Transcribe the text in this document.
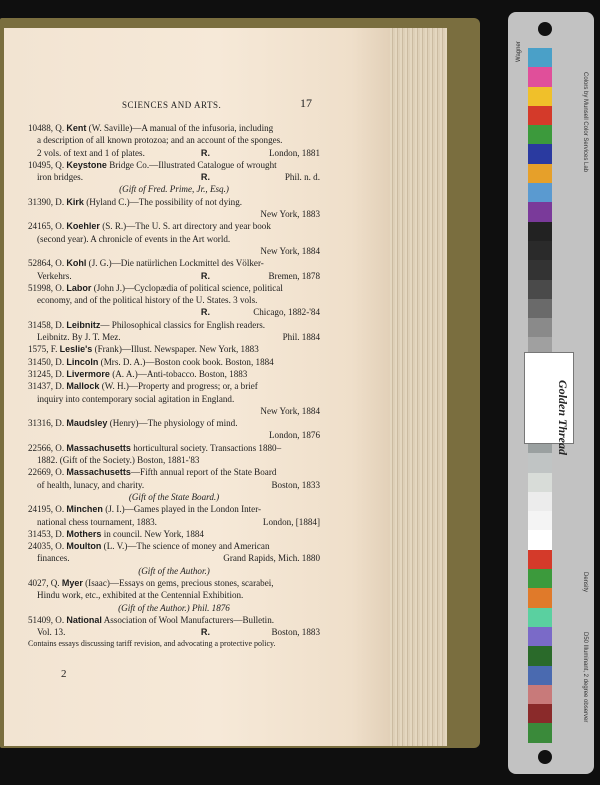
SCIENCES AND ARTS.	17
10488, Q. Kent (W. Saville)—A manual of the infusoria, including
a description of all known protozoa; and an account of the sponges.
2 vols. of text and 1 of plates.	R.	London, 1881
10495, Q. Keystone Bridge Co.—Illustrated Catalogue of wrought
iron bridges.	R.	Phil. n. d.
(Gift of Fred. Prime, Jr., Esq.)
31390, D. Kirk (Hyland C.)—The possibility of not dying.
New York, 1883
24165, O. Koehler (S. R.)—The U. S. art directory and year book
(second year). A chronicle of events in the Art world.
New York, 1884
52864, O. Kohl (J. G.)—Die natürlichen Lockmittel des Völker-
Verkehrs.	R.	Bremen, 1878
51998, O. Labor (John J.)—Cyclopædia of political science, political
economy, and of the political history of the U. States. 3 vols.
R.	Chicago, 1882-'84
31458, D. Leibnitz— Philosophical classics for English readers.
Leibnitz. By J. T. Mez.	Phil. 1884
1575, F. Leslie's (Frank)—Illust. Newspaper. New York, 1883
31450, D. Lincoln (Mrs. D. A.)—Boston cook book. Boston, 1884
31245, D. Livermore (A. A.)—Anti-tobacco. Boston, 1883
31437, D. Mallock (W. H.)—Property and progress; or, a brief
inquiry into contemporary social agitation in England.
New York, 1884
31316, D. Maudsley (Henry)—The physiology of mind.
London, 1876
22566, O. Massachusetts horticultural society. Transactions 1880–
1882. (Gift of the Society.) Boston, 1881-'83
22669, O. Massachusetts—Fifth annual report of the State Board
of health, lunacy, and charity.	Boston, 1833
(Gift of the State Board.)
24195, O. Minchen (J. I.)—Games played in the London Inter-
national chess tournament, 1883.	London, [1884]
31453, D. Mothers in council. New York, 1884
24035, O. Moulton (L. V.)—The science of money and American
finances.	Grand Rapids, Mich. 1880
(Gift of the Author.)
4027, Q. Myer (Isaac)—Essays on gems, precious stones, scarabei,
Hindu work, etc., exhibited at the Centennial Exhibition.
(Gift of the Author.) Phil. 1876
51409, O. National Association of Wool Manufacturers—Bulletin.
Vol. 13.	R.	Boston, 1883
Contains essays discussing tariff revision, and advocating a protective policy.
2
Golden Thread
Colors by Munsell Color Services Lab
Density
D50 Illuminant, 2 degree observer
Wagner
